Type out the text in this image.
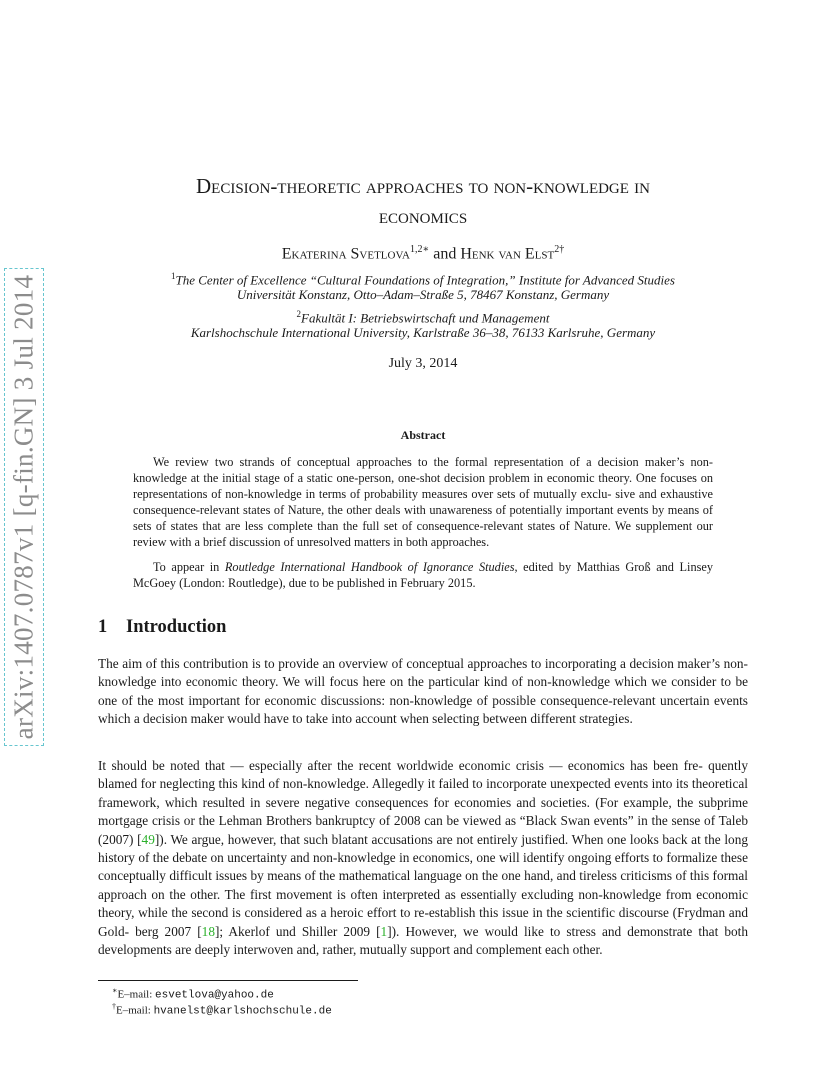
arXiv:1407.0787v1 [q-fin.GN] 3 Jul 2014
Decision-theoretic approaches to non-knowledge in
economics
Ekaterina Svetlova$^{1,2∗}$ and Henk van Elst$^{2\dagger}$
$^1$The Center of Excellence “Cultural Foundations of Integration,” Institute for Advanced Studies
Universität Konstanz, Otto–Adam–Straße 5, 78467 Konstanz, Germany
$^2$Fakultät I: Betriebswirtschaft und Management
Karlshochschule International University, Karlstraße 36–38, 76133 Karlsruhe, Germany
July 3, 2014
Abstract

We review two strands of conceptual approaches to the formal representation of a decision maker’s non-knowledge at the initial stage of a static one-person, one-shot decision problem in economic theory. One focuses on representations of non-knowledge in terms of probability measures over sets of mutually exclu- sive and exhaustive consequence-relevant states of Nature, the other deals with unawareness of potentially important events by means of sets of states that are less complete than the full set of consequence-relevant states of Nature. We supplement our review with a brief discussion of unresolved matters in both approaches.

To appear in Routledge International Handbook of Ignorance Studies, edited by Matthias Groß and Linsey McGoey (London: Routledge), due to be published in February 2015.

1 Introduction

The aim of this contribution is to provide an overview of conceptual approaches to incorporating a decision maker’s non-knowledge into economic theory. We will focus here on the particular kind of non-knowledge which we consider to be one of the most important for economic discussions: non-knowledge of possible consequence-relevant uncertain events which a decision maker would have to take into account when selecting between different strategies.

It should be noted that — especially after the recent worldwide economic crisis — economics has been fre- quently blamed for neglecting this kind of non-knowledge. Allegedly it failed to incorporate unexpected events into its theoretical framework, which resulted in severe negative consequences for economies and societies. (For example, the subprime mortgage crisis or the Lehman Brothers bankruptcy of 2008 can be viewed as “Black Swan events” in the sense of Taleb (2007) [49]). We argue, however, that such blatant accusations are not entirely justified. When one looks back at the long history of the debate on uncertainty and non-knowledge in economics, one will identify ongoing efforts to formalize these conceptually difficult issues by means of the mathematical language on the one hand, and tireless criticisms of this formal approach on the other. The first movement is often interpreted as essentially excluding non-knowledge from economic theory, while the second is considered as a heroic effort to re-establish this issue in the scientific discourse (Frydman and Gold- berg 2007 [18]; Akerlof und Shiller 2009 [1]). However, we would like to stress and demonstrate that both developments are deeply interwoven and, rather, mutually support and complement each other.

∗E–mail: esvetlova@yahoo.de
†E–mail: hvanelst@karlshochschule.de
